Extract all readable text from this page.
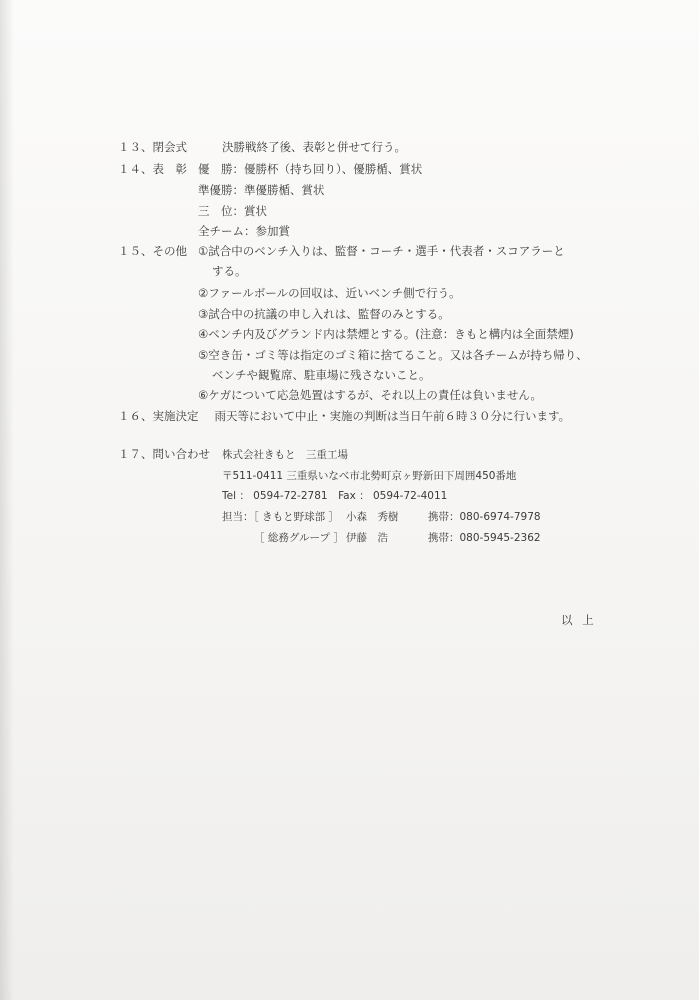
１３、閉会式	決勝戦終了後、表彰と併せて行う。
１４、表　彰 優　勝：優勝杯（持ち回り）、優勝楯、賞状
準優勝：準優勝楯、賞状
三　位：賞状
全チーム：参加賞
１５、その他 ①試合中のベンチ入りは、監督・コーチ・選手・代表者・スコアラーと
する。
②ファールボールの回収は、近いベンチ側で行う。
③試合中の抗議の申し入れは、監督のみとする。
④ベンチ内及びグランド内は禁煙とする。(注意：きもと構内は全面禁煙)
⑤空き缶・ゴミ等は指定のゴミ箱に捨てること。又は各チームが持ち帰り、
ベンチや観覧席、駐車場に残さないこと。
⑥ケガについて応急処置はするが、それ以上の責任は負いません。
１６、実施決定 雨天等において中止・実施の判断は当日午前６時３０分に行います。
１７、問い合わせ 株式会社きもと　三重工場
〒511-0411 三重県いなべ市北勢町京ヶ野新田下周囲450番地
Tel ： 0594-72-2781　Fax ： 0594-72-4011
担当：［ きもと野球部 ］ 小森　秀樹	携帯：080-6974-7978
［ 総務グループ ］ 伊藤　浩	携帯：080-5945-2362
以 上
